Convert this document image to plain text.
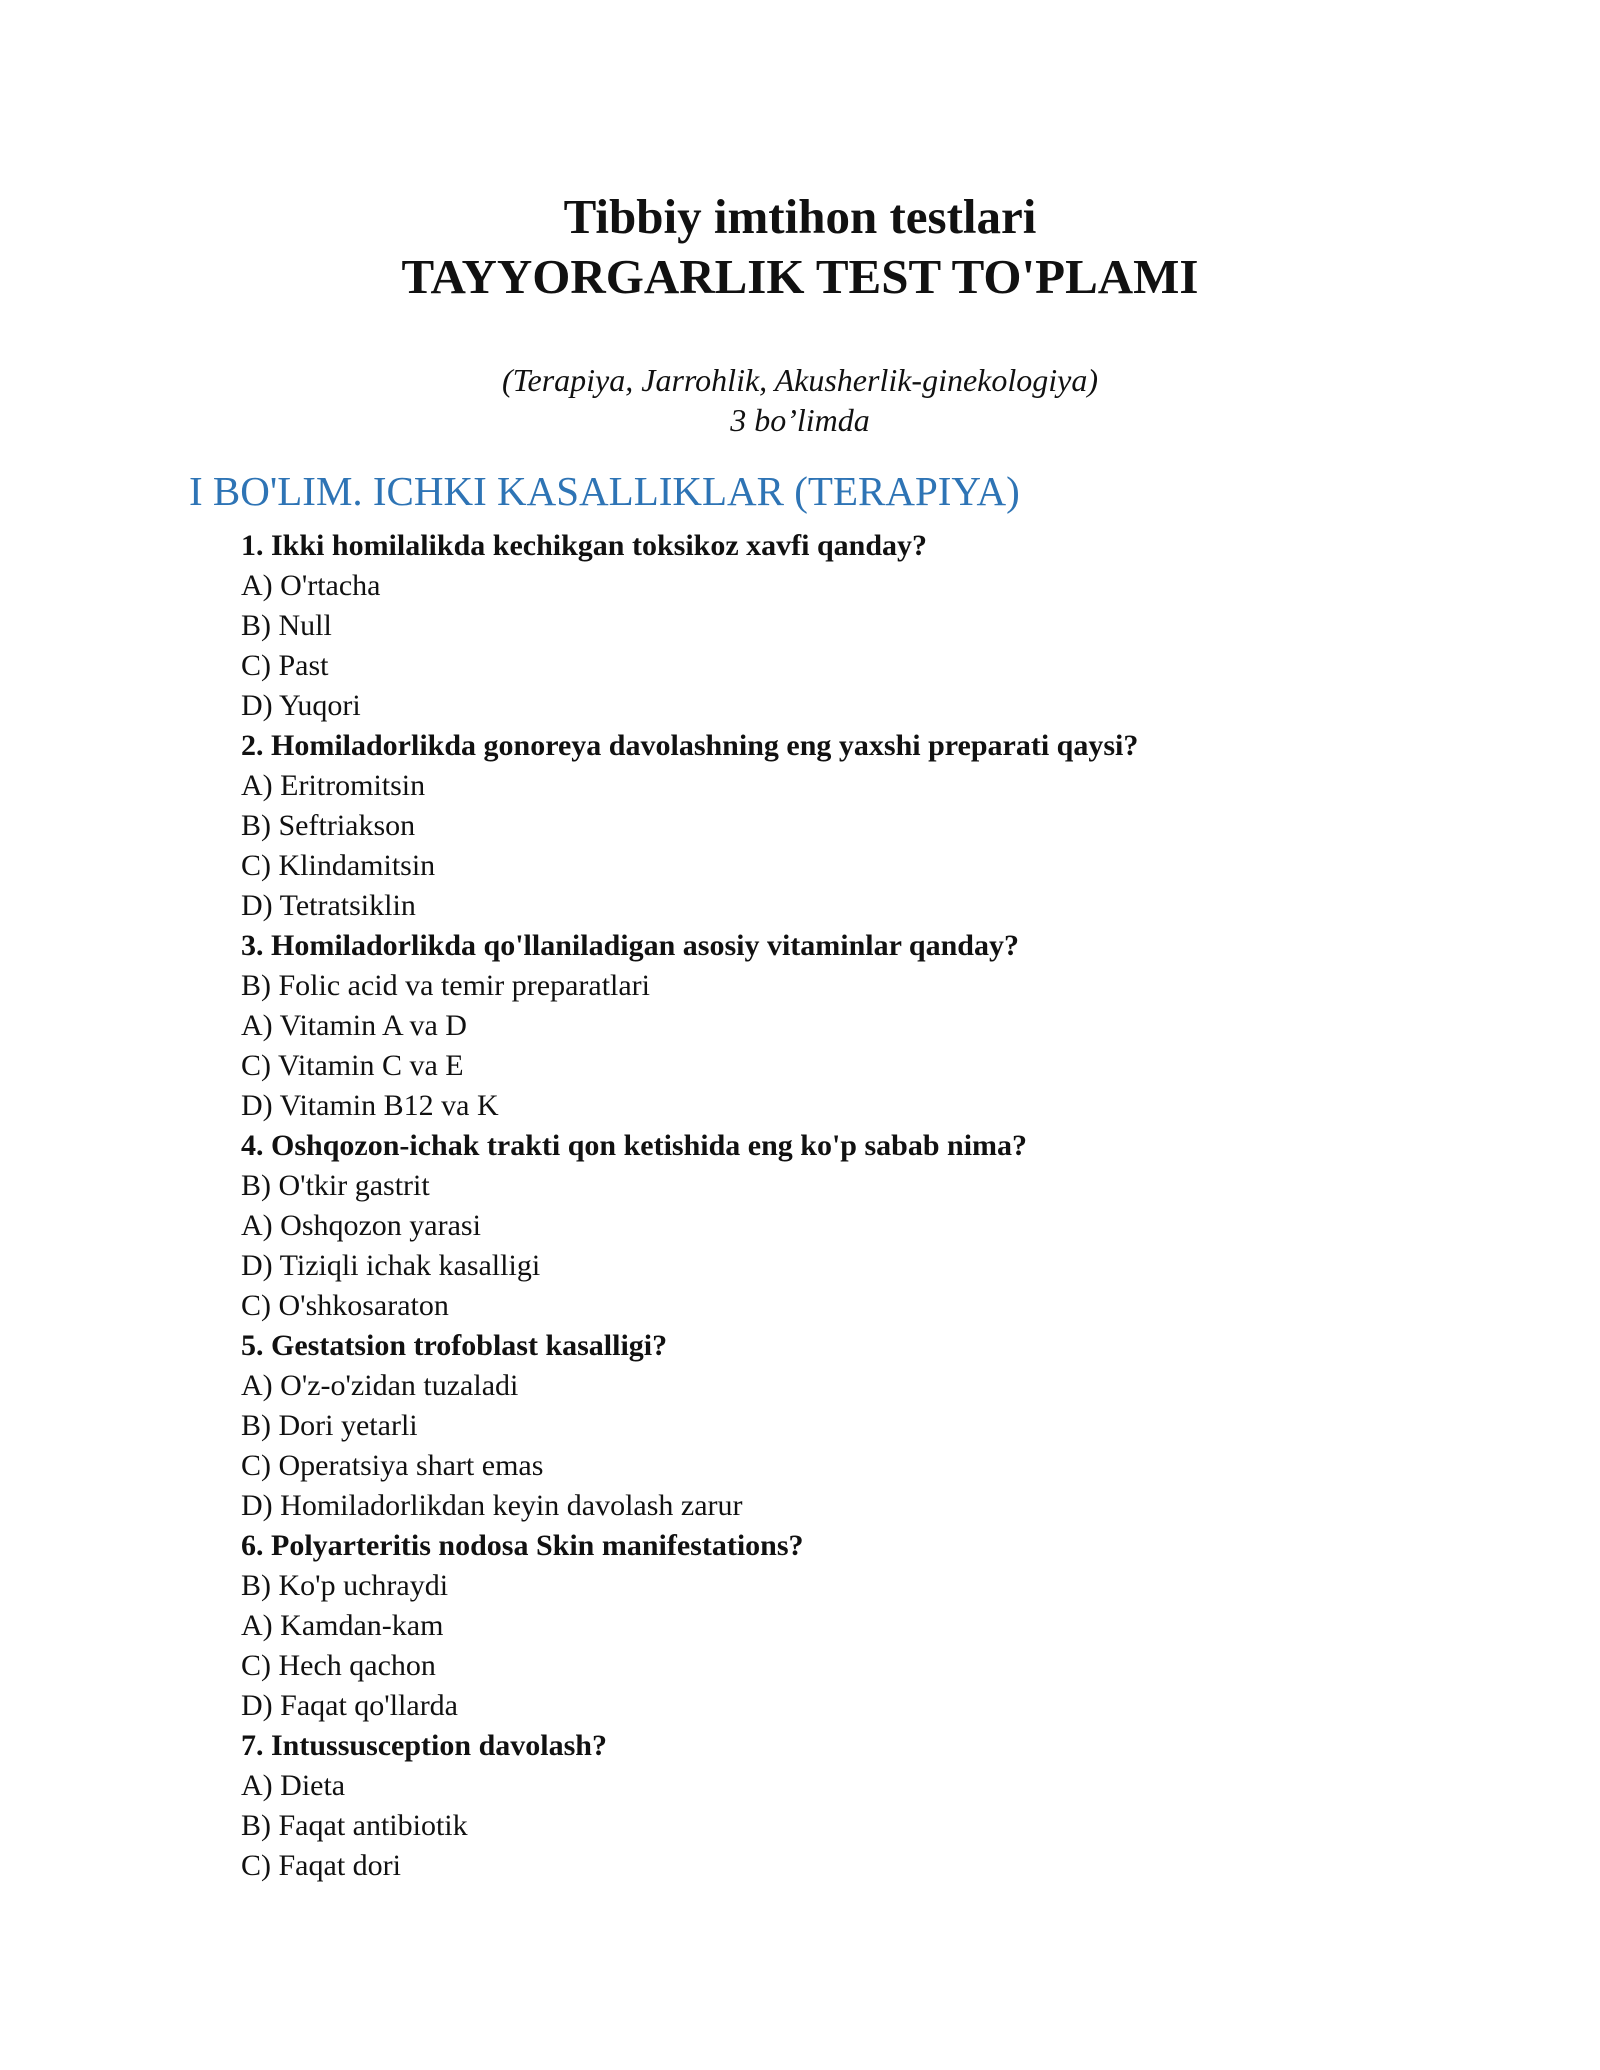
Tibbiy imtihon testlari
TAYYORGARLIK TEST TO'PLAMI

(Terapiya, Jarrohlik, Akusherlik-ginekologiya)

3 bo’limda

I BO'LIM. ICHKI KASALLIKLAR (TERAPIYA)
1. Ikki homilalikda kechikgan toksikoz xavfi qanday?
A) O'rtacha
B) Null
C) Past
D) Yuqori
2. Homiladorlikda gonoreya davolashning eng yaxshi preparati qaysi?
A) Eritromitsin
B) Seftriakson
C) Klindamitsin
D) Tetratsiklin
3. Homiladorlikda qo'llaniladigan asosiy vitaminlar qanday?
B) Folic acid va temir preparatlari
A) Vitamin A va D
C) Vitamin C va E
D) Vitamin B12 va K
4. Oshqozon-ichak trakti qon ketishida eng ko'p sabab nima?
B) O'tkir gastrit
A) Oshqozon yarasi
D) Tiziqli ichak kasalligi
C) O'shkosaraton
5. Gestatsion trofoblast kasalligi?
A) O'z-o'zidan tuzaladi
B) Dori yetarli
C) Operatsiya shart emas
D) Homiladorlikdan keyin davolash zarur
6. Polyarteritis nodosa Skin manifestations?
B) Ko'p uchraydi
A) Kamdan-kam
C) Hech qachon
D) Faqat qo'llarda
7. Intussusception davolash?
A) Dieta
B) Faqat antibiotik
C) Faqat dori
